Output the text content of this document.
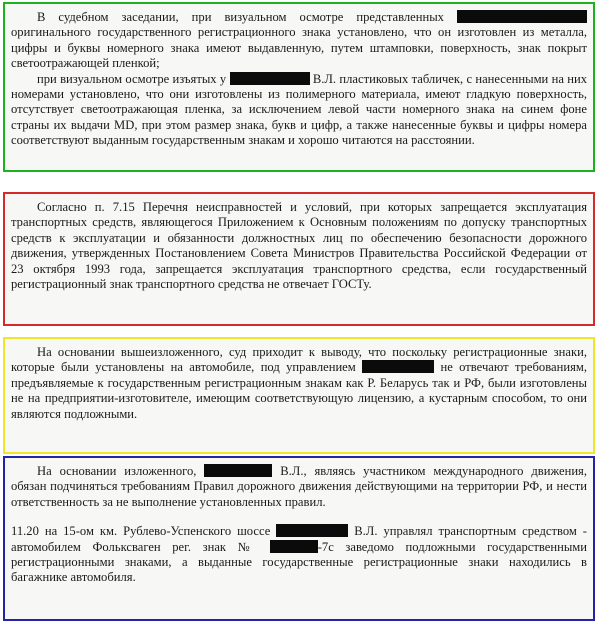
В судебном заседании, при визуальном осмотре представленных  оригинального государственного регистрационного знака установлено, что он изготовлен из металла, цифры и буквы номерного знака имеют выдавленную, путем штамповки, поверхность, знак покрыт светоотражающей пленкой;

при визуальном осмотре изъятых у	В.Л. пластиковых табличек, с нанесенными на них номерами установлено, что они изготовлены из полимерного материала, имеют гладкую поверхность, отсутствует светоотражающая пленка, за исключением левой части номерного знака на синем фоне страны их выдачи MD, при этом размер знака, букв и цифр, а также нанесенные буквы и цифры номера соответствуют выданным государственным знакам и хорошо читаются на расстоянии.

Согласно п. 7.15 Перечня неисправностей и условий, при которых запрещается эксплуатация транспортных средств, являющегося Приложением к Основным положениям по допуску транспортных средств к эксплуатации и обязанности должностных лиц по обеспечению безопасности дорожного движения, утвержденных Постановлением Совета Министров Правительства Российской Федерации от 23 октября 1993 года, запрещается эксплуатация транспортного средства, если государственный регистрационный знак транспортного средства не отвечает ГОСТу.

На основании вышеизложенного, суд приходит к выводу, что поскольку регистрационные знаки, которые были установлены на автомобиле, под управлением	не отвечают требованиям, предъявляемые к государственным регистрационным знакам как Р. Беларусь так и РФ, были изготовлены не на предприятии-изготовителе, имеющим соответствующую лицензию, а кустарным способом, то они являются подложными.

На основании изложенного,	В.Л., являясь участником международного движения, обязан подчиняться требованиям Правил дорожного движения действующими на территории РФ, и нести ответственность за не выполнение установленных правил.

11.20 на 15-ом км. Рублево-Успенского шоссе	В.Л. управлял транспортным средством - автомобилем Фольксваген рег. знак №	-7с заведомо подложными государственными регистрационными знаками, а выданные государственные регистрационные знаки находились в багажнике автомобиля.
